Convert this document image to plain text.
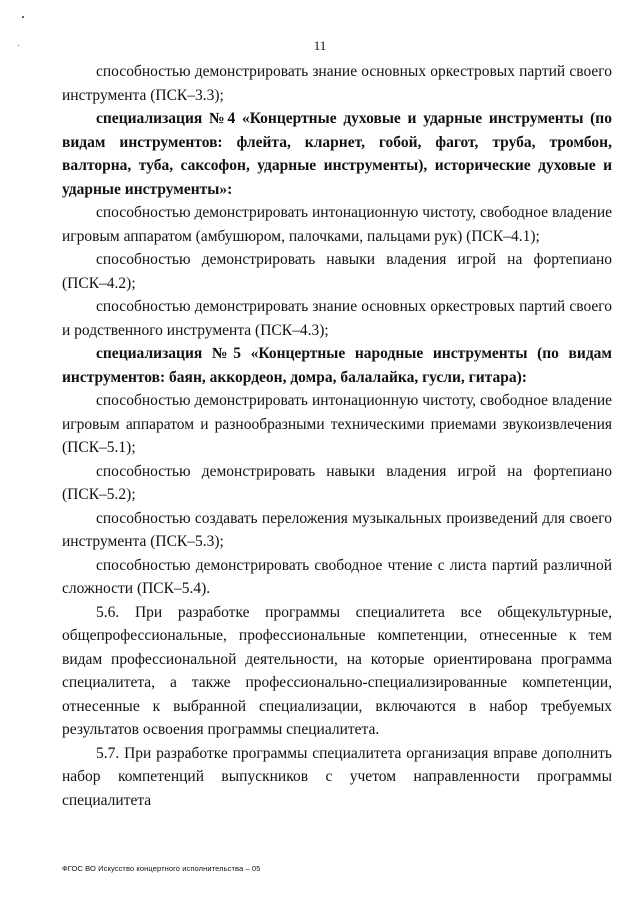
11

способностью демонстрировать знание основных оркестровых партий своего инструмента (ПСК–3.3);

специализация №4 «Концертные духовые и ударные инструменты (по видам инструментов: флейта, кларнет, гобой, фагот, труба, тромбон, валторна, туба, саксофон, ударные инструменты), исторические духовые и ударные инструменты»:

способностью демонстрировать интонационную чистоту, свободное владение игровым аппаратом (амбушюром, палочками, пальцами рук) (ПСК–4.1);

способностью демонстрировать навыки владения игрой на фортепиано (ПСК–4.2);

способностью демонстрировать знание основных оркестровых партий своего и родственного инструмента (ПСК–4.3);

специализация №5 «Концертные народные инструменты (по видам инструментов: баян, аккордеон, домра, балалайка, гусли, гитара):

способностью демонстрировать интонационную чистоту, свободное владение игровым аппаратом и разнообразными техническими приемами звукоизвлечения (ПСК–5.1);

способностью демонстрировать навыки владения игрой на фортепиано (ПСК–5.2);

способностью создавать переложения музыкальных произведений для своего инструмента (ПСК–5.3);

способностью демонстрировать свободное чтение с листа партий различной сложности (ПСК–5.4).

5.6. При разработке программы специалитета все общекультурные, общепрофессиональные, профессиональные компетенции, отнесенные к тем видам профессиональной деятельности, на которые ориентирована программа специалитета, а также профессионально-специализированные компетенции, отнесенные к выбранной специализации, включаются в набор требуемых результатов освоения программы специалитета.

5.7. При разработке программы специалитета организация вправе дополнить набор компетенций выпускников с учетом направленности программы специалитета

ФГОС ВО Искусство концертного исполнительства – 05
